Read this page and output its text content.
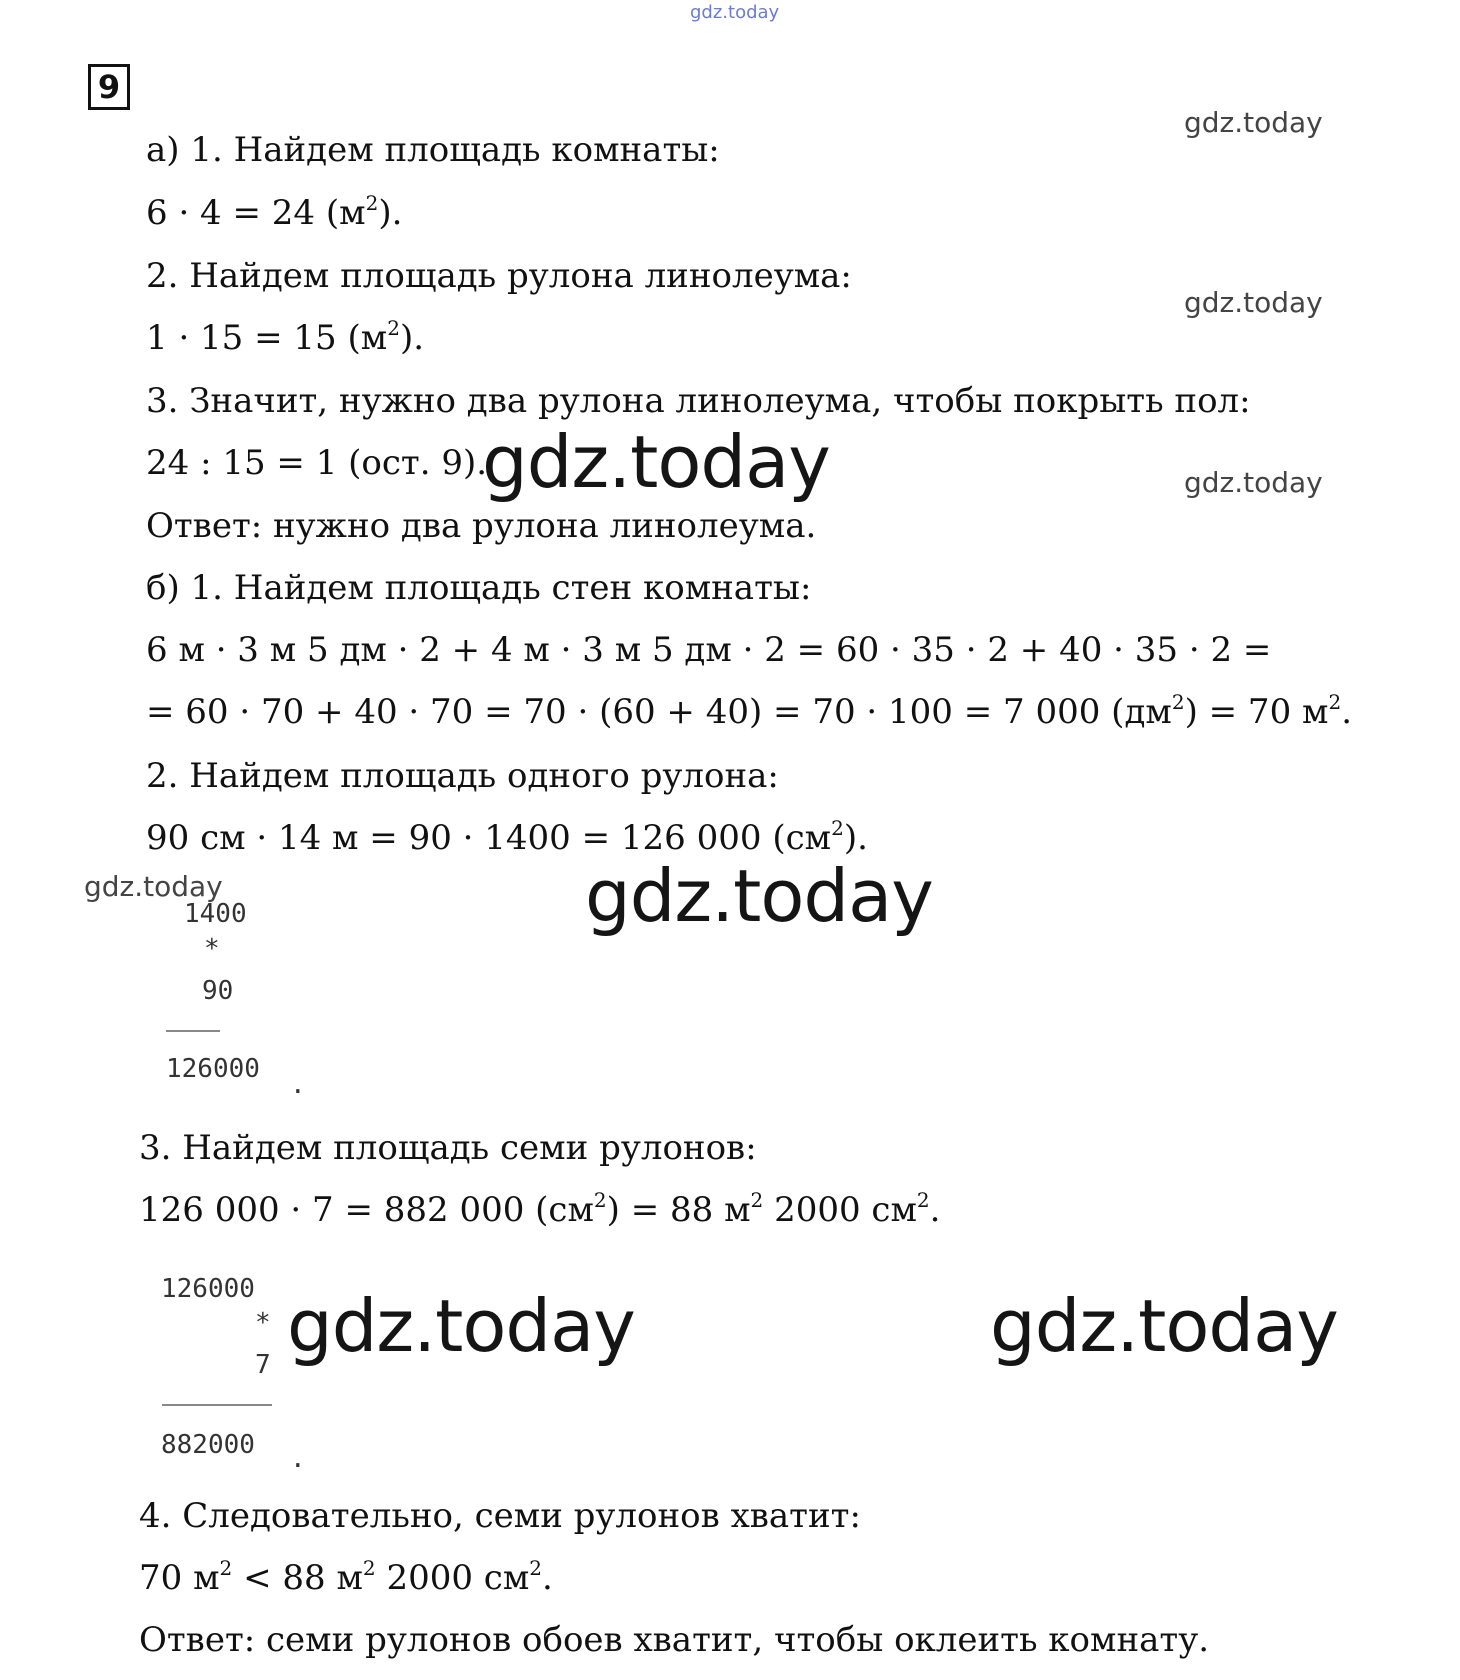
gdz.today
9
gdz.today
gdz.today
gdz.today
gdz.today
а) 1. Найдем площадь комнаты:
6 · 4 = 24 $(м^2)$.
2. Найдем площадь рулона линолеума:
1 · 15 = 15 $(м^2)$.
3. Значит, нужно два рулона линолеума, чтобы покрыть пол:
24 : 15 = 1 (ост. 9).
Ответ: нужно два рулона линолеума.
gdz.today
б) 1. Найдем площадь стен комнаты:
6 м · 3 м 5 дм · 2 + 4 м · 3 м 5 дм · 2 = 60 · 35 · 2 + 40 · 35 · 2 =
= 60 · 70 + 40 · 70 = 70 · (60 + 40) = 70 · 100 = 7 000 $(дм^2) = 70$ $м^2$.
2. Найдем площадь одного рулона:
90 см · 14 м = 90 · 1400 = 126 000 $(см^2)$.
gdz.today
1400
*
90
126000
.
3. Найдем площадь семи рулонов:
126 000 · 7 = 882 000 $(см^2) = 88$ $м^2$ 2000 $см^2$.
126000
*
7
882000 .
gdz.today	gdz.today
4. Следовательно, семи рулонов хватит:
70 $м^2 < 88$ $м^2$ 2000 $см^2$.
Ответ: семи рулонов обоев хватит, чтобы оклеить комнату.
